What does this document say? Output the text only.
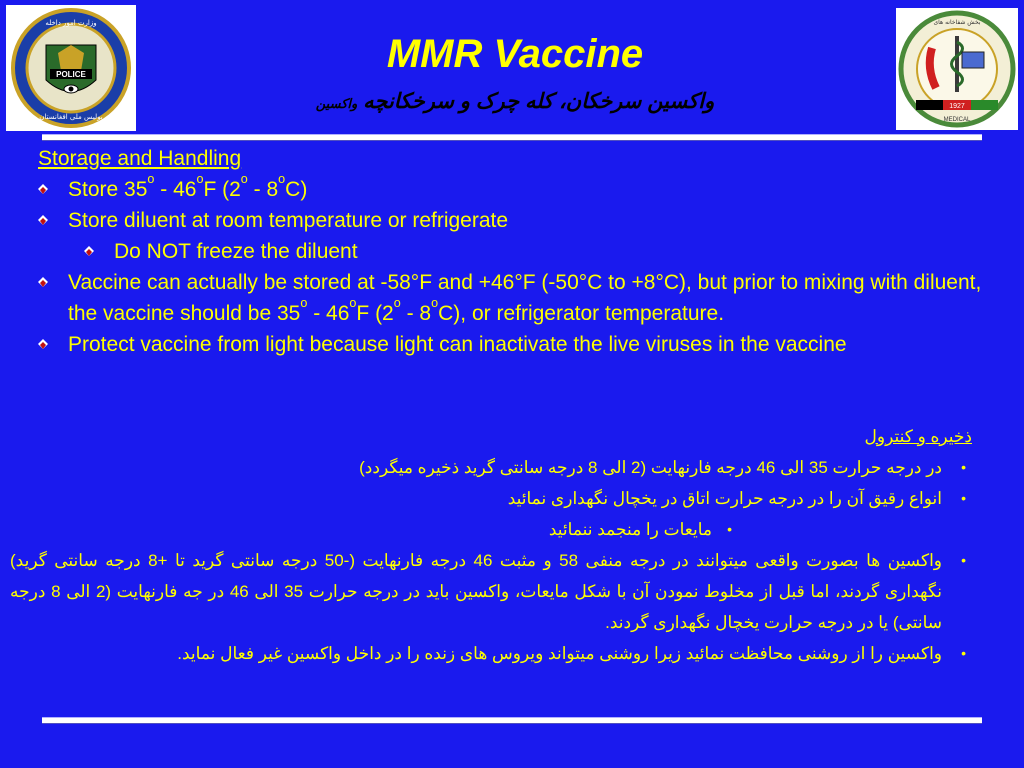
POLICE
وزارت امور داخله
پولیس ملی افغانستان
1927
بخش شفاخانه های
MEDICAL
MMR Vaccine
واکسین سرخکان، کله چرک و سرخکانچه واکسین
Storage and Handling
Store 35$^o$ - 46$^o$F (2$^o$ - 8$^o$C)
Store diluent at room temperature or refrigerate
Do NOT freeze the diluent
Vaccine can actually be stored at -58°F and +46°F (-50°C to +8°C), but prior to mixing with diluent, the vaccine should be 35$^o$ - 46$^o$F (2$^o$ - 8$^o$C), or refrigerator temperature.
Protect vaccine from light because light can inactivate the live viruses in the vaccine
ذخیره و کنترول
•
در درجه حرارت 35 الی 46 درجه فارنهایت (2 الی 8 درجه سانتی گرید ذخیره میگردد)
•
انواع رقیق آن را در درجه حرارت اتاق در یخچال نگهداری نمائید
•
مایعات را منجمد ننمائید
•
واکسین ها بصورت واقعی میتوانند در درجه منفی 58 و مثبت 46 درجه فارنهایت (-50 درجه سانتی گرید تا +8 درجه سانتی گرید) نگهداری گردند، اما قبل از مخلوط نمودن آن با شکل مایعات، واکسین باید در درجه حرارت 35 الی 46 در جه فارنهایت (2 الی 8 درجه سانتی) یا در درجه حرارت یخچال نگهداری گردند.
•
واکسین را از روشنی محافظت نمائید زیرا روشنی میتواند ویروس های زنده را در داخل واکسین غیر فعال نماید.
